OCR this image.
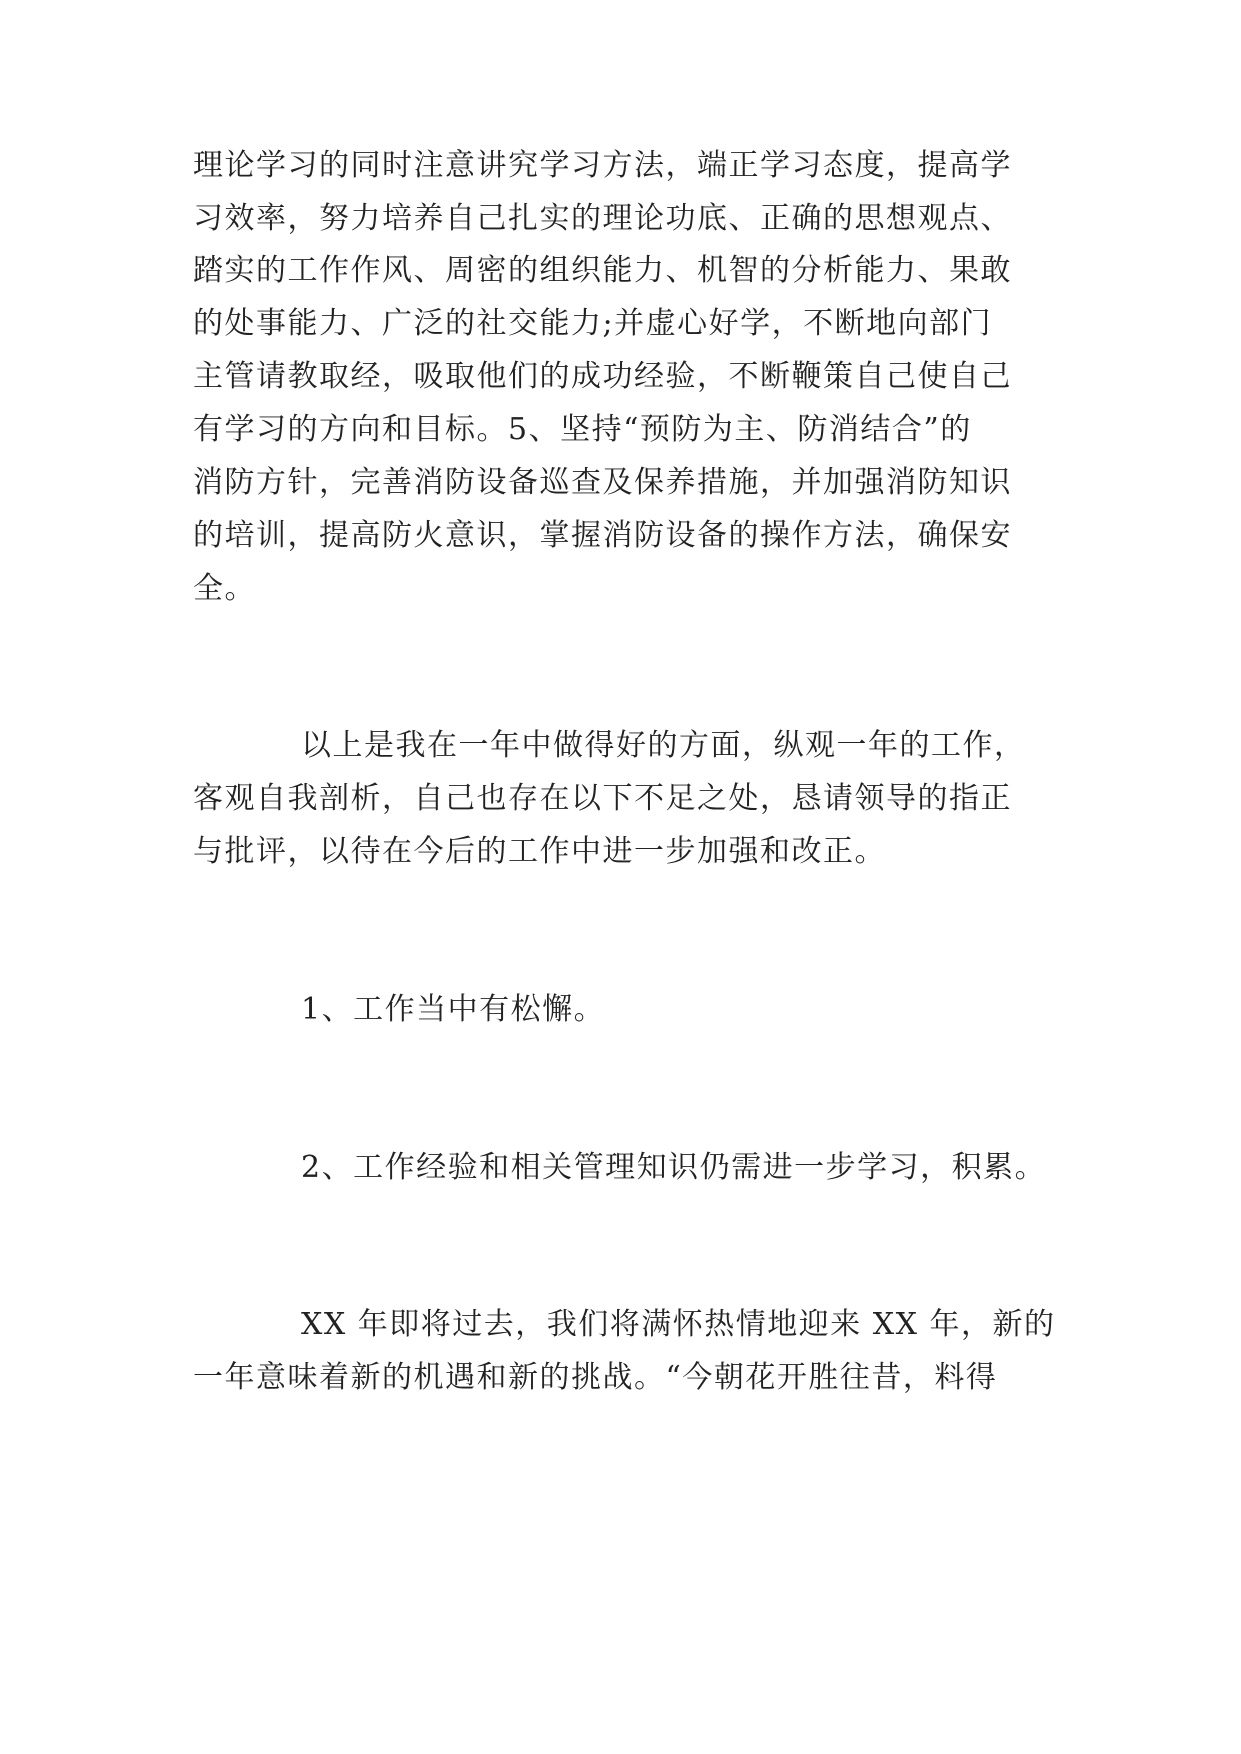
理论学习的同时注意讲究学习方法，端正学习态度，提高学
习效率，努力培养自己扎实的理论功底、正确的思想观点、
踏实的工作作风、周密的组织能力、机智的分析能力、果敢
的处事能力、广泛的社交能力;并虚心好学，不断地向部门
主管请教取经，吸取他们的成功经验，不断鞭策自己使自己
有学习的方向和目标。5、坚持“预防为主、防消结合”的
消防方针，完善消防设备巡查及保养措施，并加强消防知识
的培训，提高防火意识，掌握消防设备的操作方法，确保安
全。
以上是我在一年中做得好的方面，纵观一年的工作，
客观自我剖析，自己也存在以下不足之处，恳请领导的指正
与批评，以待在今后的工作中进一步加强和改正。
1、工作当中有松懈。
2、工作经验和相关管理知识仍需进一步学习，积累。
XX 年即将过去，我们将满怀热情地迎来 XX 年，新的
一年意味着新的机遇和新的挑战。“今朝花开胜往昔，料得
